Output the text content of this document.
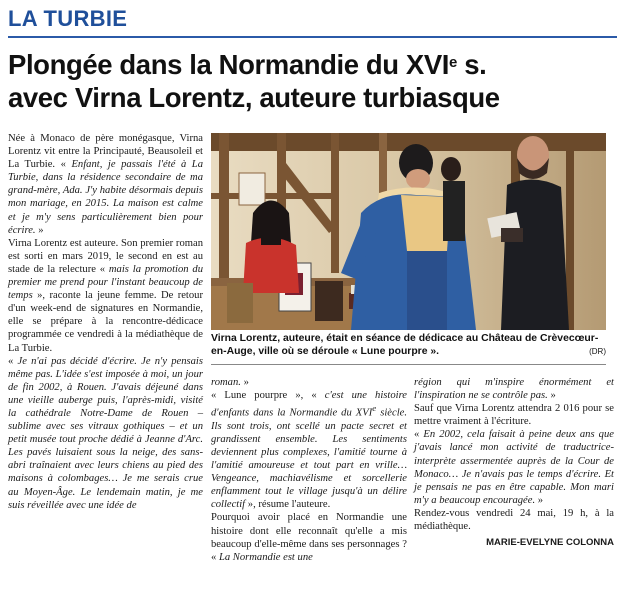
LA TURBIE
Plongée dans la Normandie du XVIe s.
avec Virna Lorentz, auteure turbiasque

Née à Monaco de père monégasque, Virna Lorentz vit entre la Principauté, Beausoleil et La Turbie. « Enfant, je passais l'été à La Turbie, dans la résidence secondaire de ma grand-mère, Ada. J'y habite désormais depuis mon mariage, en 2015. La maison est calme et je m'y sens particulièrement bien pour écrire. »

Virna Lorentz est auteure. Son premier roman est sorti en mars 2019, le second en est au stade de la relecture « mais la promotion du premier me prend pour l'instant beaucoup de temps », raconte la jeune femme. De retour d'un week-end de signatures en Normandie, elle se prépare à la rencontre-dédicace programmée ce vendredi à la médiathèque de La Turbie.

« Je n'ai pas décidé d'écrire. Je n'y pensais même pas. L'idée s'est imposée à moi, un jour de fin 2002, à Rouen. J'avais déjeuné dans une vieille auberge puis, l'après-midi, visité la cathédrale Notre-Dame de Rouen – sublime avec ses vitraux gothiques – et un petit musée tout proche dédié à Jeanne d'Arc. Les pavés luisaient sous la neige, des sans-abri traînaient avec leurs chiens au pied des maisons à colombages… Je me serais crue au Moyen-Âge. Le lendemain matin, je me suis réveillée avec une idée de

Virna Lorentz, auteure, était en séance de dédicace au Château de Crèvecœur-en-Auge, ville où se déroule « Lune pourpre ».	(DR)

roman. »

« Lune pourpre », « c'est une histoire d'enfants dans la Normandie du XVIe siècle. Ils sont trois, ont scellé un pacte secret et grandissent ensemble. Les sentiments deviennent plus complexes, l'amitié tourne à l'amitié amoureuse et tout part en vrille… Vengeance, machiavélisme et sorcellerie enflamment tout le village jusqu'à un délire collectif », résume l'auteure.

Pourquoi avoir placé en Normandie une histoire dont elle reconnaît qu'elle a mis beaucoup d'elle-même dans ses personnages ? « La Normandie est une

région qui m'inspire énormément et l'inspiration ne se contrôle pas. »

Sauf que Virna Lorentz attendra 2 016 pour se mettre vraiment à l'écriture.

« En 2002, cela faisait à peine deux ans que j'avais lancé mon activité de traductrice-interprète assermentée auprès de la Cour de Monaco… Je n'avais pas le temps d'écrire. Et je pensais ne pas en être capable. Mon mari m'y a beaucoup encouragée. »

Rendez-vous vendredi 24 mai, 19 h, à la médiathèque.

MARIE-EVELYNE COLONNA
